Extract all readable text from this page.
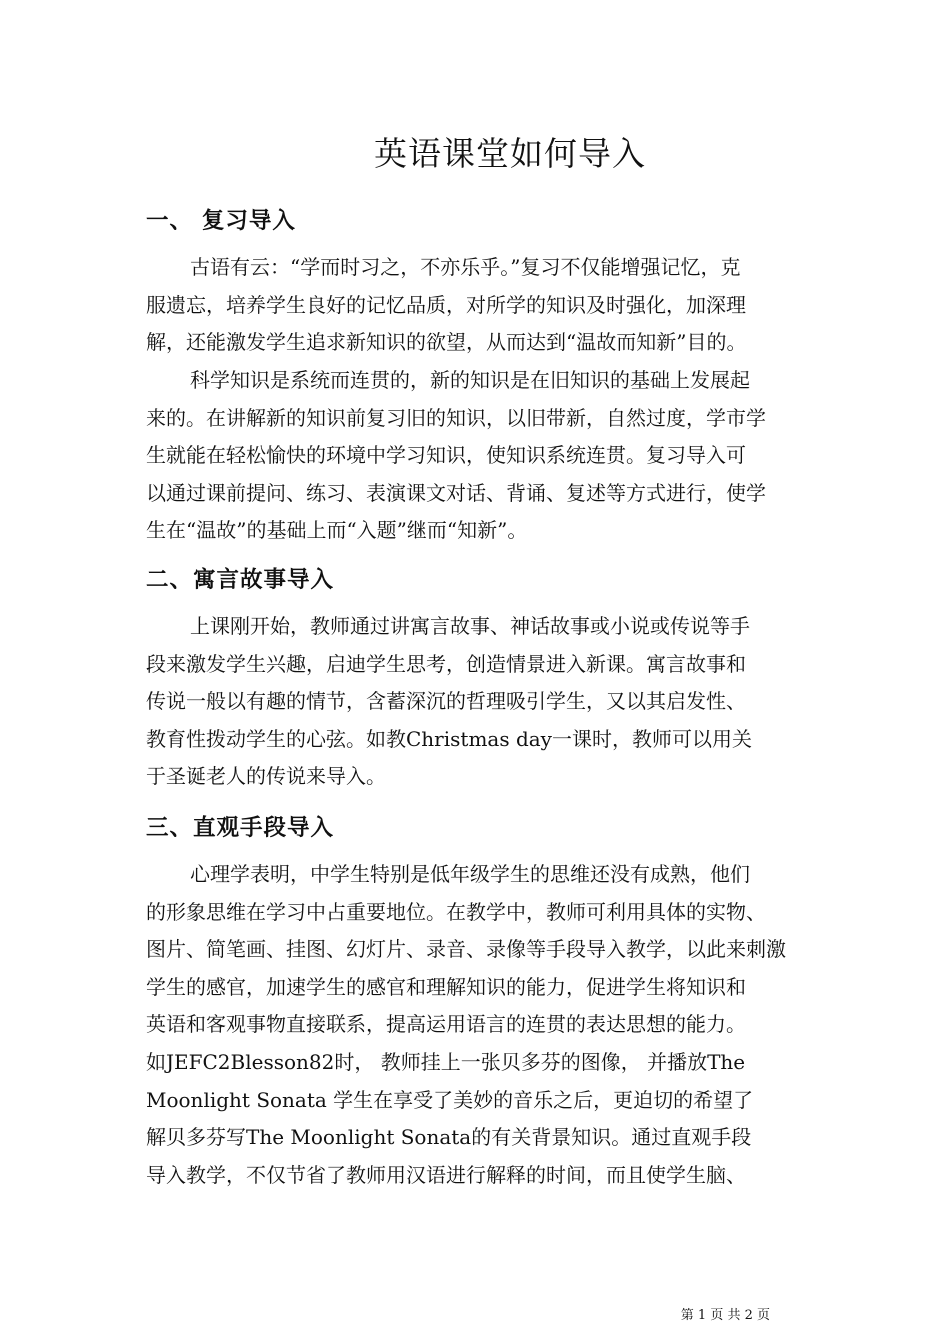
英语课堂如何导入
一、 复习导入
古语有云：“学而时习之，不亦乐乎。”复习不仅能增强记忆，克
服遗忘，培养学生良好的记忆品质，对所学的知识及时强化，加深理
解，还能激发学生追求新知识的欲望，从而达到“温故而知新”目的。
科学知识是系统而连贯的，新的知识是在旧知识的基础上发展起
来的。在讲解新的知识前复习旧的知识，以旧带新，自然过度，学市学
生就能在轻松愉快的环境中学习知识，使知识系统连贯。复习导入可
以通过课前提问、练习、表演课文对话、背诵、复述等方式进行，使学
生在“温故”的基础上而“入题”继而“知新”。
二、寓言故事导入
上课刚开始，教师通过讲寓言故事、神话故事或小说或传说等手
段来激发学生兴趣，启迪学生思考，创造情景进入新课。寓言故事和
传说一般以有趣的情节，含蓄深沉的哲理吸引学生，又以其启发性、
教育性拨动学生的心弦。如教Christmas day一课时，教师可以用关
于圣诞老人的传说来导入。
三、直观手段导入
心理学表明，中学生特别是低年级学生的思维还没有成熟，他们
的形象思维在学习中占重要地位。在教学中，教师可利用具体的实物、
图片、简笔画、挂图、幻灯片、录音、录像等手段导入教学，以此来刺激
学生的感官，加速学生的感官和理解知识的能力，促进学生将知识和
英语和客观事物直接联系，提高运用语言的连贯的表达思想的能力。
如JEFC2Blesson82时， 教师挂上一张贝多芬的图像， 并播放The
Moonlight Sonata 学生在享受了美妙的音乐之后，更迫切的希望了
解贝多芬写The Moonlight Sonata的有关背景知识。通过直观手段
导入教学，不仅节省了教师用汉语进行解释的时间，而且使学生脑、
第 1 页 共 2 页
